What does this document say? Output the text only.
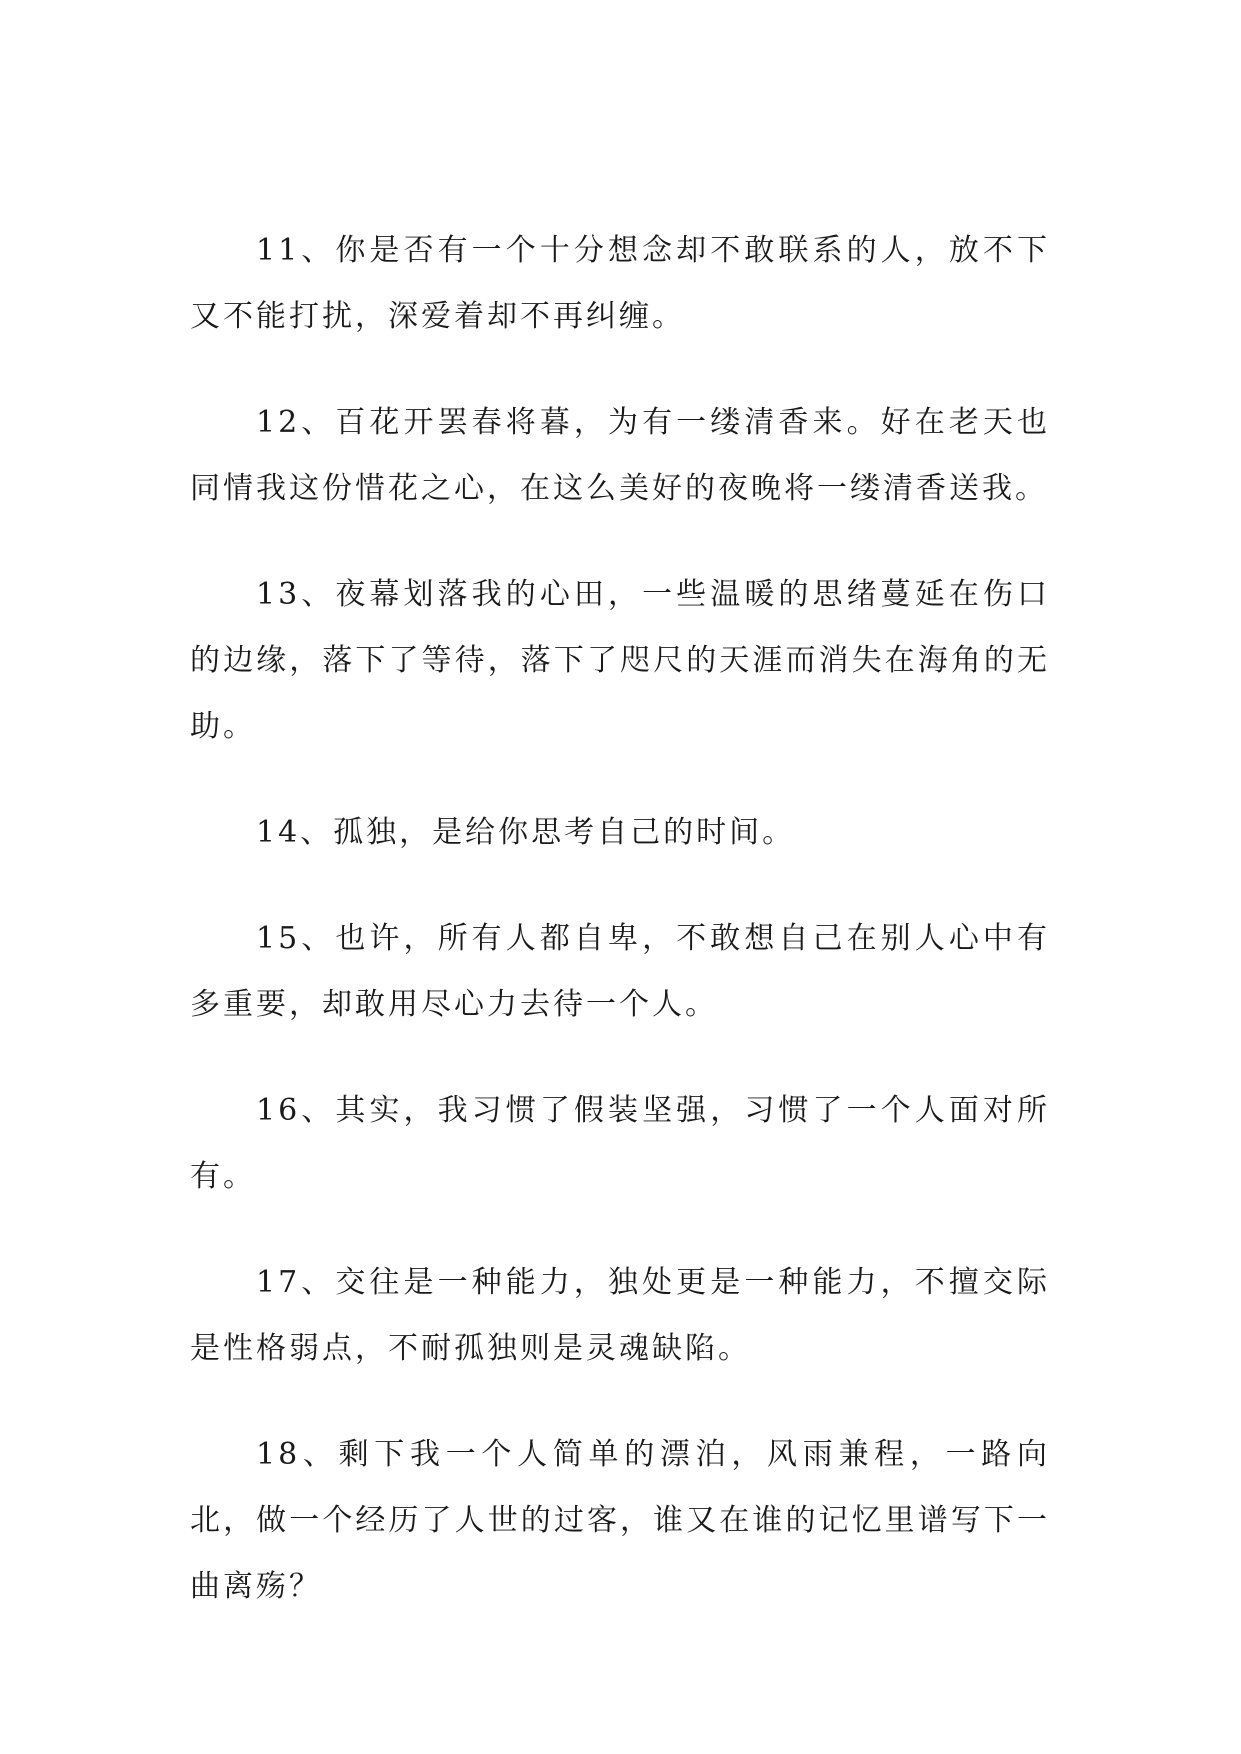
11、你是否有一个十分想念却不敢联系的人，放不下又不能打扰，深爱着却不再纠缠。

12、百花开罢春将暮，为有一缕清香来。好在老天也同情我这份惜花之心，在这么美好的夜晚将一缕清香送我。

13、夜幕划落我的心田，一些温暖的思绪蔓延在伤口的边缘，落下了等待，落下了咫尺的天涯而消失在海角的无助。

14、孤独，是给你思考自己的时间。

15、也许，所有人都自卑，不敢想自己在别人心中有多重要，却敢用尽心力去待一个人。

16、其实，我习惯了假装坚强，习惯了一个人面对所有。

17、交往是一种能力，独处更是一种能力，不擅交际是性格弱点，不耐孤独则是灵魂缺陷。

18、剩下我一个人简单的漂泊，风雨兼程，一路向北，做一个经历了人世的过客，谁又在谁的记忆里谱写下一曲离殇？
